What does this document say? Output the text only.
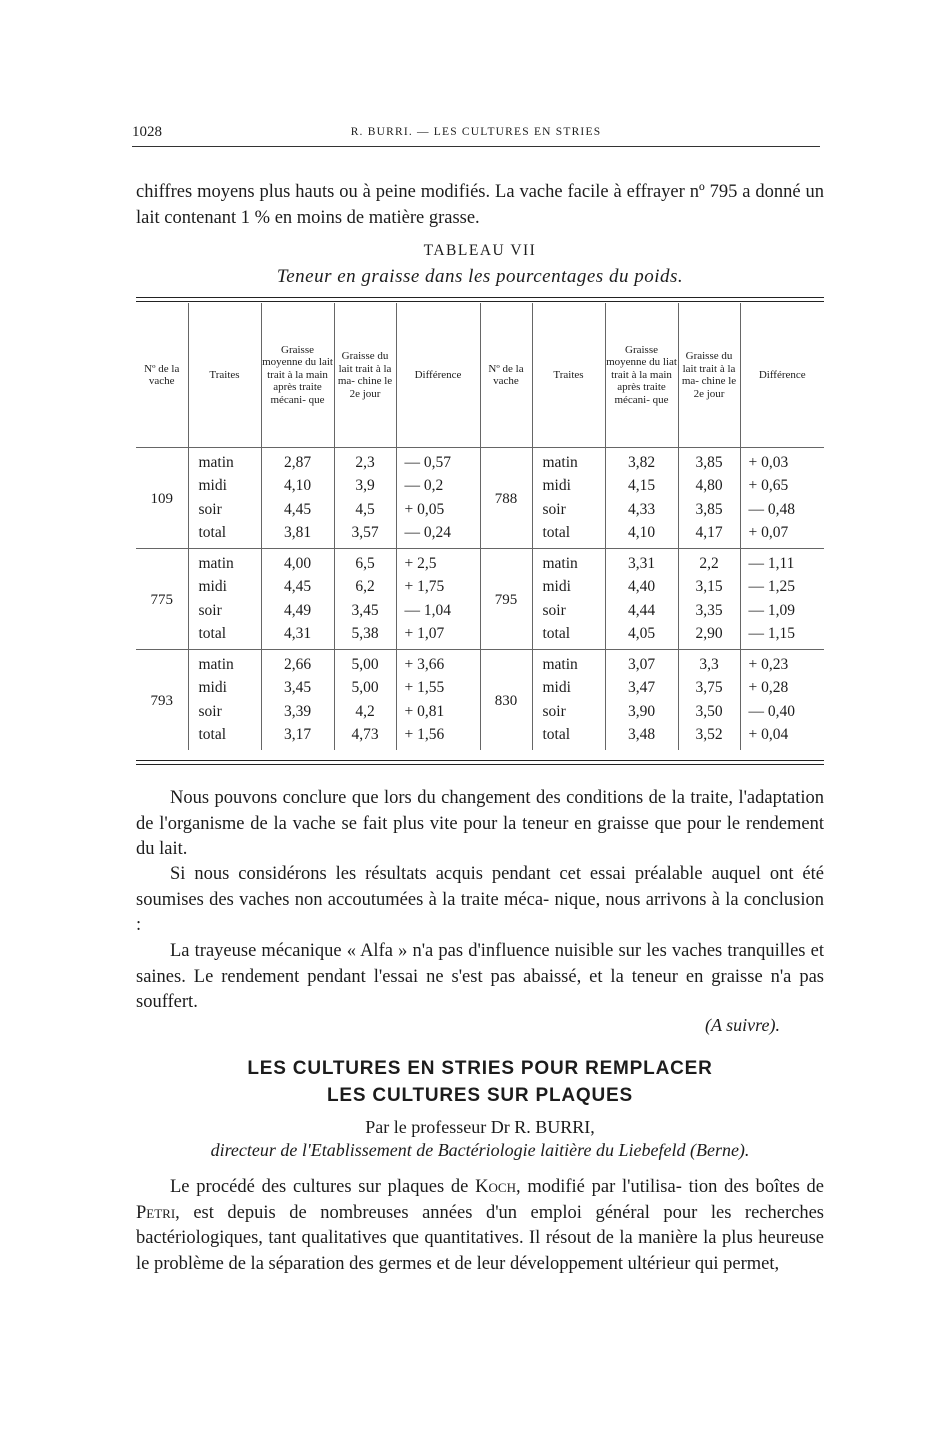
1028	R. BURRI. — LES CULTURES EN STRIES

chiffres moyens plus hauts ou à peine modifiés. La vache facile à effrayer nº 795 a donné un lait contenant 1 % en moins de matière grasse.

TABLEAU VII
Teneur en graisse dans les pourcentages du poids.
Nº de la vache	Traites	Graisse moyenne du lait trait à la main après traite mécani- que	Graisse du lait trait à la ma- chine le 2e jour	Différence	Nº de la vache	Traites	Graisse moyenne du liat trait à la main après traite mécani- que	Graisse du lait trait à la ma- chine le 2e jour	Différence
109	matin	2,87	2,3	— 0,57	788	matin	3,82	3,85	+ 0,03
	midi	4,10	3,9	— 0,2		midi	4,15	4,80	+ 0,65
	soir	4,45	4,5	+ 0,05		soir	4,33	3,85	— 0,48
	total	3,81	3,57	— 0,24		total	4,10	4,17	+ 0,07
775	matin	4,00	6,5	+ 2,5	795	matin	3,31	2,2	— 1,11
	midi	4,45	6,2	+ 1,75		midi	4,40	3,15	— 1,25
	soir	4,49	3,45	— 1,04		soir	4,44	3,35	— 1,09
	total	4,31	5,38	+ 1,07		total	4,05	2,90	— 1,15
793	matin	2,66	5,00	+ 3,66	830	matin	3,07	3,3	+ 0,23
	midi	3,45	5,00	+ 1,55		midi	3,47	3,75	+ 0,28
	soir	3,39	4,2	+ 0,81		soir	3,90	3,50	— 0,40
	total	3,17	4,73	+ 1,56		total	3,48	3,52	+ 0,04

Nous pouvons conclure que lors du changement des conditions de la traite, l'adaptation de l'organisme de la vache se fait plus vite pour la teneur en graisse que pour le rendement du lait.

Si nous considérons les résultats acquis pendant cet essai préalable auquel ont été soumises des vaches non accoutumées à la traite méca- nique, nous arrivons à la conclusion :

La trayeuse mécanique « Alfa » n'a pas d'influence nuisible sur les vaches tranquilles et saines. Le rendement pendant l'essai ne s'est pas abaissé, et la teneur en graisse n'a pas souffert.

(A suivre).
LES CULTURES EN STRIES POUR REMPLACER
LES CULTURES SUR PLAQUES
Par le professeur Dr R. BURRI,
directeur de l'Etablissement de Bactériologie laitière du Liebefeld (Berne).

Le procédé des cultures sur plaques de Koch, modifié par l'utilisa- tion des boîtes de Petri, est depuis de nombreuses années d'un emploi général pour les recherches bactériologiques, tant qualitatives que quantitatives. Il résout de la manière la plus heureuse le problème de la séparation des germes et de leur développement ultérieur qui permet,
